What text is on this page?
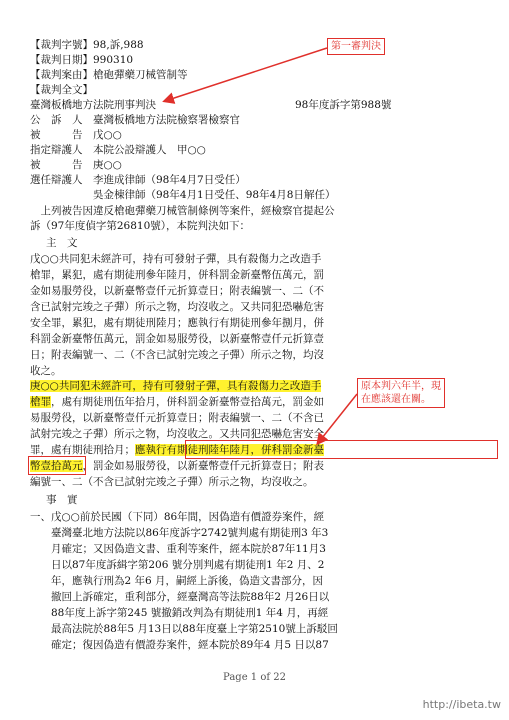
【裁判字號】98,訴,988
【裁判日期】990310
【裁判案由】槍砲彈藥刀械管制等
【裁判全文】
臺灣板橋地方法院刑事判決	98年度訴字第988號
公　訴　人　臺灣板橋地方法院檢察署檢察官
被　　　告　戊○○
指定辯護人　本院公設辯護人　甲○○
被　　　告　庚○○
選任辯護人　李進成律師（98年4月7日受任）
　　　　　　吳金棟律師（98年4月1日受任、98年4月8日解任）
　上列被告因違反槍砲彈藥刀械管制條例等案件，經檢察官提起公
訴（97年度偵字第26810號），本院判決如下：
主　文
戊○○共同犯未經許可，持有可發射子彈，具有殺傷力之改造手
槍罪，累犯，處有期徒刑參年陸月，併科罰金新臺幣伍萬元，罰
金如易服勞役，以新臺幣壹仟元折算壹日；附表編號一、二（不
含已試射完竣之子彈）所示之物，均沒收之。又共同犯恐嚇危害
安全罪，累犯，處有期徒刑陸月；應執行有期徒刑參年捌月，併
科罰金新臺幣伍萬元，罰金如易服勞役，以新臺幣壹仟元折算壹
日；附表編號一、二（不含已試射完竣之子彈）所示之物，均沒
收之。
庚○○共同犯未經許可，持有可發射子彈，具有殺傷力之改造手
槍罪，處有期徒刑伍年拾月，併科罰金新臺幣壹拾萬元，罰金如
易服勞役，以新臺幣壹仟元折算壹日；附表編號一、二（不含已
試射完竣之子彈）所示之物，均沒收之。又共同犯恐嚇危害安全
罪，處有期徒刑拾月；應執行有期徒刑陸年陸月，併科罰金新臺
幣壹拾萬元，罰金如易服勞役，以新臺幣壹仟元折算壹日；附表
編號一、二（不含已試射完竣之子彈）所示之物，均沒收之。
事　實
一、戊○○前於民國（下同）86年間，因偽造有價證券案件，經
　　臺灣臺北地方法院以86年度訴字2742號判處有期徒刑3 年3
　　月確定；又因偽造文書、重利等案件，經本院於87年11月3
　　日以87年度訴緝字第206 號分別判處有期徒刑1 年2 月、2
　　年，應執行刑為2 年6 月，嗣經上訴後，偽造文書部分，因
　　撤回上訴確定，重利部分，經臺灣高等法院88年2 月26日以
　　88年度上訴字第245 號撤銷改判為有期徒刑1 年4 月，再經
　　最高法院於88年5 月13日以88年度臺上字第2510號上訴駁回
　　確定；復因偽造有價證券案件，經本院於89年4 月5 日以87
第一審判決
原本判六年半，現
在應該還在關。
Page 1 of 22
http://ibeta.tw
